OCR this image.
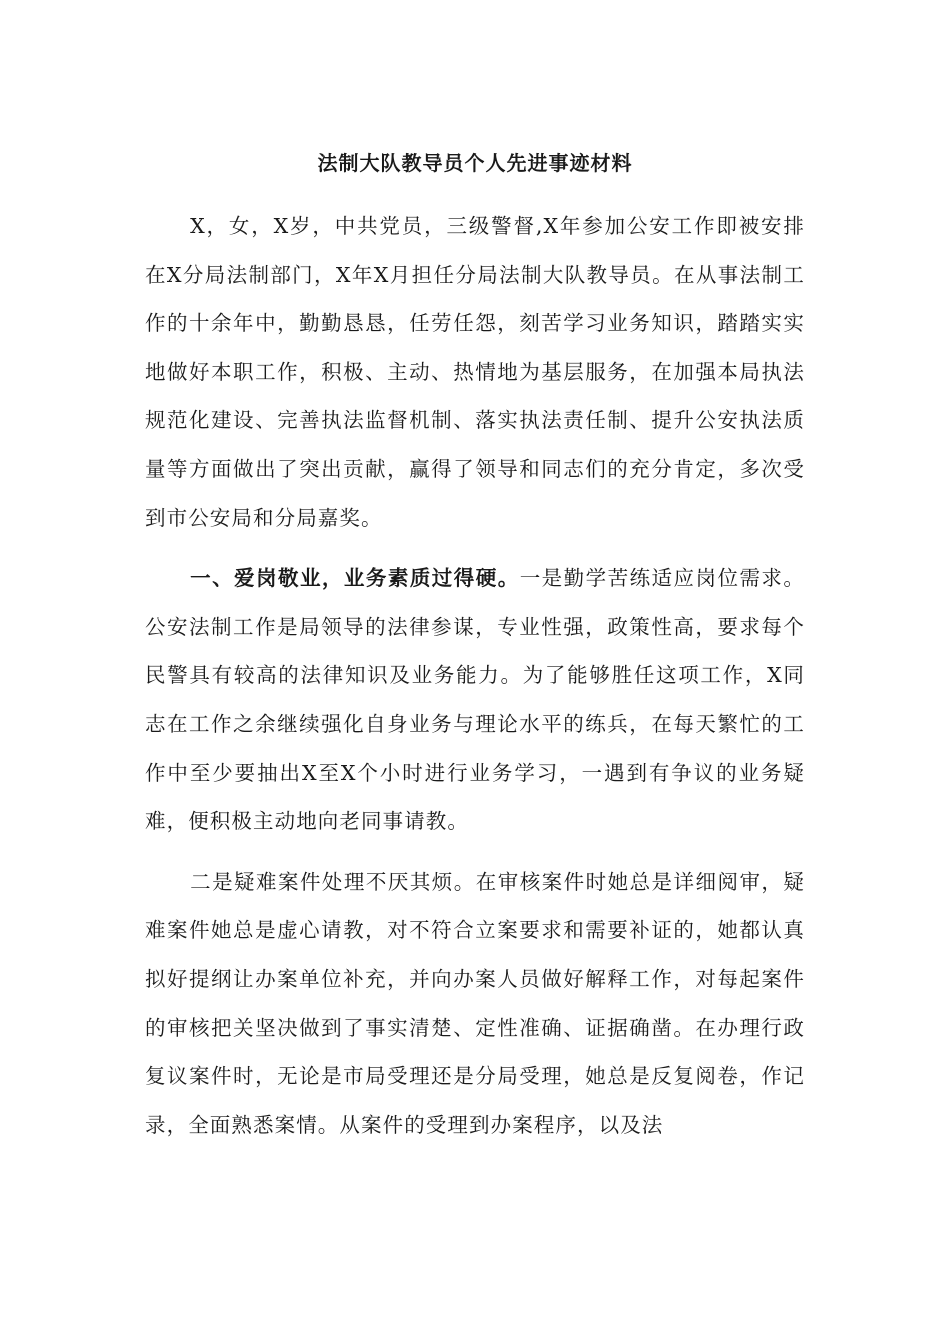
法制大队教导员个人先进事迹材料

X，女，X岁，中共党员，三级警督,X年参加公安工作即被安排在X分局法制部门，X年X月担任分局法制大队教导员。在从事法制工作的十余年中，勤勤恳恳，任劳任怨，刻苦学习业务知识，踏踏实实地做好本职工作，积极、主动、热情地为基层服务，在加强本局执法规范化建设、完善执法监督机制、落实执法责任制、提升公安执法质量等方面做出了突出贡献，赢得了领导和同志们的充分肯定，多次受到市公安局和分局嘉奖。

一、爱岗敬业，业务素质过得硬。一是勤学苦练适应岗位需求。公安法制工作是局领导的法律参谋，专业性强，政策性高，要求每个民警具有较高的法律知识及业务能力。为了能够胜任这项工作，X同志在工作之余继续强化自身业务与理论水平的练兵，在每天繁忙的工作中至少要抽出X至X个小时进行业务学习，一遇到有争议的业务疑难，便积极主动地向老同事请教。

二是疑难案件处理不厌其烦。在审核案件时她总是详细阅审，疑难案件她总是虚心请教，对不符合立案要求和需要补证的，她都认真拟好提纲让办案单位补充，并向办案人员做好解释工作，对每起案件的审核把关坚决做到了事实清楚、定性准确、证据确凿。在办理行政复议案件时，无论是市局受理还是分局受理，她总是反复阅卷，作记录，全面熟悉案情。从案件的受理到办案程序，以及法
